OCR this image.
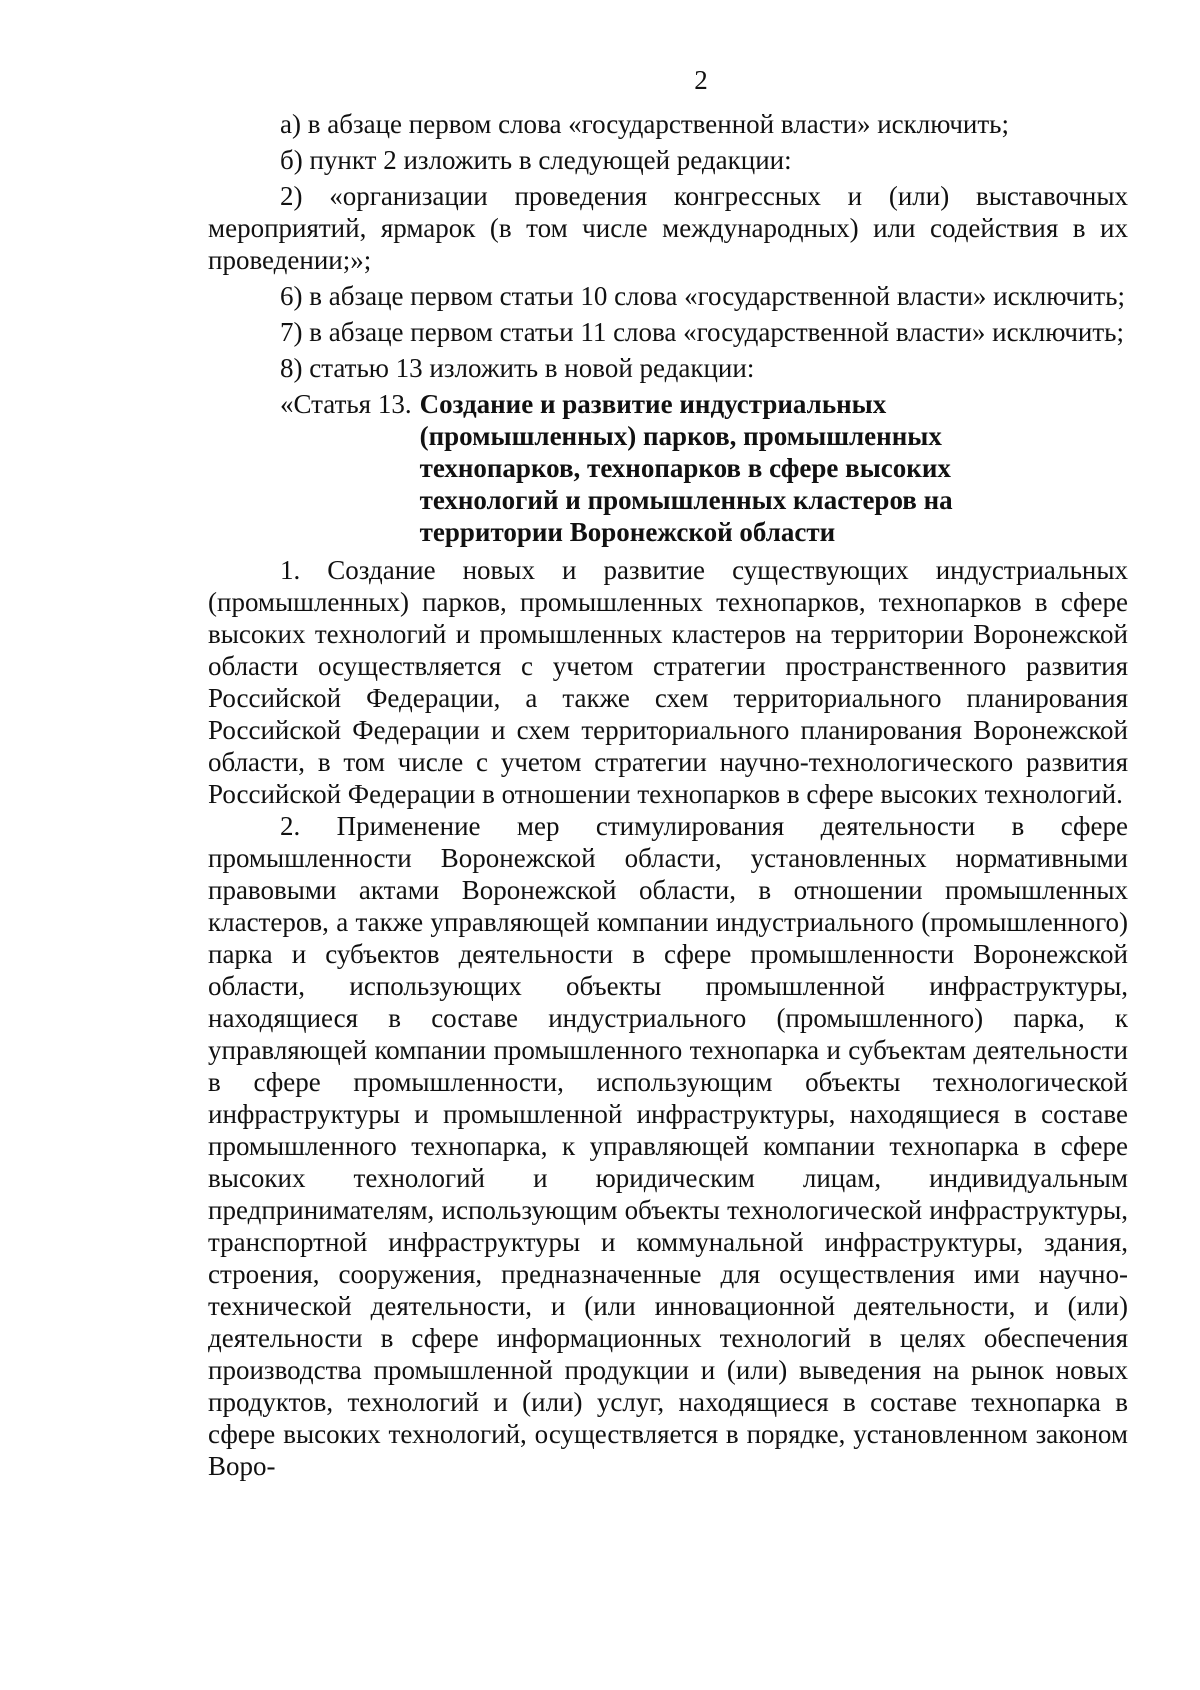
2

а) в абзаце первом слова «государственной власти» исключить;

б) пункт 2 изложить в следующей редакции:

2) «организации проведения конгрессных и (или) выставочных мероприятий, ярмарок (в том числе международных) или содействия в их проведении;»;

6) в абзаце первом статьи 10 слова «государственной власти» исключить;

7) в абзаце первом статьи 11 слова «государственной власти» исключить;

8) статью 13 изложить в новой редакции:

«Статья 13. Создание и развитие индустриальных (промышленных) парков, промышленных технопарков, технопарков в сфере высоких технологий и промышленных кластеров на территории Воронежской области

1. Создание новых и развитие существующих индустриальных (промышленных) парков, промышленных технопарков, технопарков в сфере высоких технологий и промышленных кластеров на территории Воронежской области осуществляется с учетом стратегии пространственного развития Российской Федерации, а также схем территориального планирования Российской Федерации и схем территориального планирования Воронежской области, в том числе с учетом стратегии научно-технологического развития Российской Федерации в отношении технопарков в сфере высоких технологий.

2. Применение мер стимулирования деятельности в сфере промышленности Воронежской области, установленных нормативными правовыми актами Воронежской области, в отношении промышленных кластеров, а также управляющей компании индустриального (промышленного) парка и субъектов деятельности в сфере промышленности Воронежской области, использующих объекты промышленной инфраструктуры, находящиеся в составе индустриального (промышленного) парка, к управляющей компании промышленного технопарка и субъектам деятельности в сфере промышленности, использующим объекты технологической инфраструктуры и промышленной инфраструктуры, находящиеся в составе промышленного технопарка, к управляющей компании технопарка в сфере высоких технологий и юридическим лицам, индивидуальным предпринимателям, использующим объекты технологической инфраструктуры, транспортной инфраструктуры и коммунальной инфраструктуры, здания, строения, сооружения, предназначенные для осуществления ими научно-технической деятельности, и (или инновационной деятельности, и (или) деятельности в сфере информационных технологий в целях обеспечения производства промышленной продукции и (или) выведения на рынок новых продуктов, технологий и (или) услуг, находящиеся в составе технопарка в сфере высоких технологий, осуществляется в порядке, установленном законом Воро-
